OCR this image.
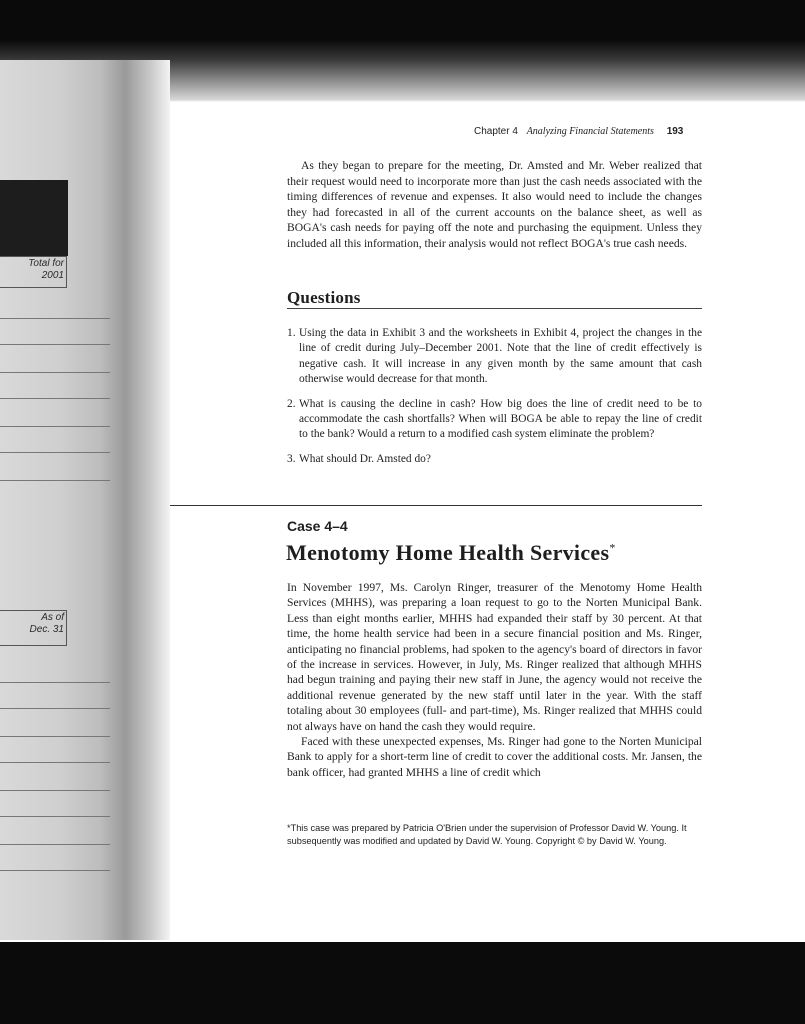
Total for
2001
As of
Dec. 31
Chapter 4 Analyzing Financial Statements 193

As they began to prepare for the meeting, Dr. Amsted and Mr. Weber realized that their request would need to incorporate more than just the cash needs associated with the timing differences of revenue and expenses. It also would need to include the changes they had forecasted in all of the current accounts on the balance sheet, as well as BOGA's cash needs for paying off the note and purchasing the equipment. Unless they included all this information, their analysis would not reflect BOGA's true cash needs.

Questions
1. Using the data in Exhibit 3 and the worksheets in Exhibit 4, project the changes in the line of credit during July–December 2001. Note that the line of credit effectively is negative cash. It will increase in any given month by the same amount that cash otherwise would decrease for that month.
2. What is causing the decline in cash? How big does the line of credit need to be to accommodate the cash shortfalls? When will BOGA be able to repay the line of credit to the bank? Would a return to a modified cash system eliminate the problem?
3. What should Dr. Amsted do?
Case 4–4
Menotomy Home Health Services*

In November 1997, Ms. Carolyn Ringer, treasurer of the Menotomy Home Health Services (MHHS), was preparing a loan request to go to the Norten Municipal Bank. Less than eight months earlier, MHHS had expanded their staff by 30 percent. At that time, the home health service had been in a secure financial position and Ms. Ringer, anticipating no financial problems, had spoken to the agency's board of directors in favor of the increase in services. However, in July, Ms. Ringer realized that although MHHS had begun training and paying their new staff in June, the agency would not receive the additional revenue generated by the new staff until later in the year. With the staff totaling about 30 employees (full- and part-time), Ms. Ringer realized that MHHS could not always have on hand the cash they would require.

Faced with these unexpected expenses, Ms. Ringer had gone to the Norten Municipal Bank to apply for a short-term line of credit to cover the additional costs. Mr. Jansen, the bank officer, had granted MHHS a line of credit which

*This case was prepared by Patricia O'Brien under the supervision of Professor David W. Young. It subsequently was modified and updated by David W. Young. Copyright © by David W. Young.
